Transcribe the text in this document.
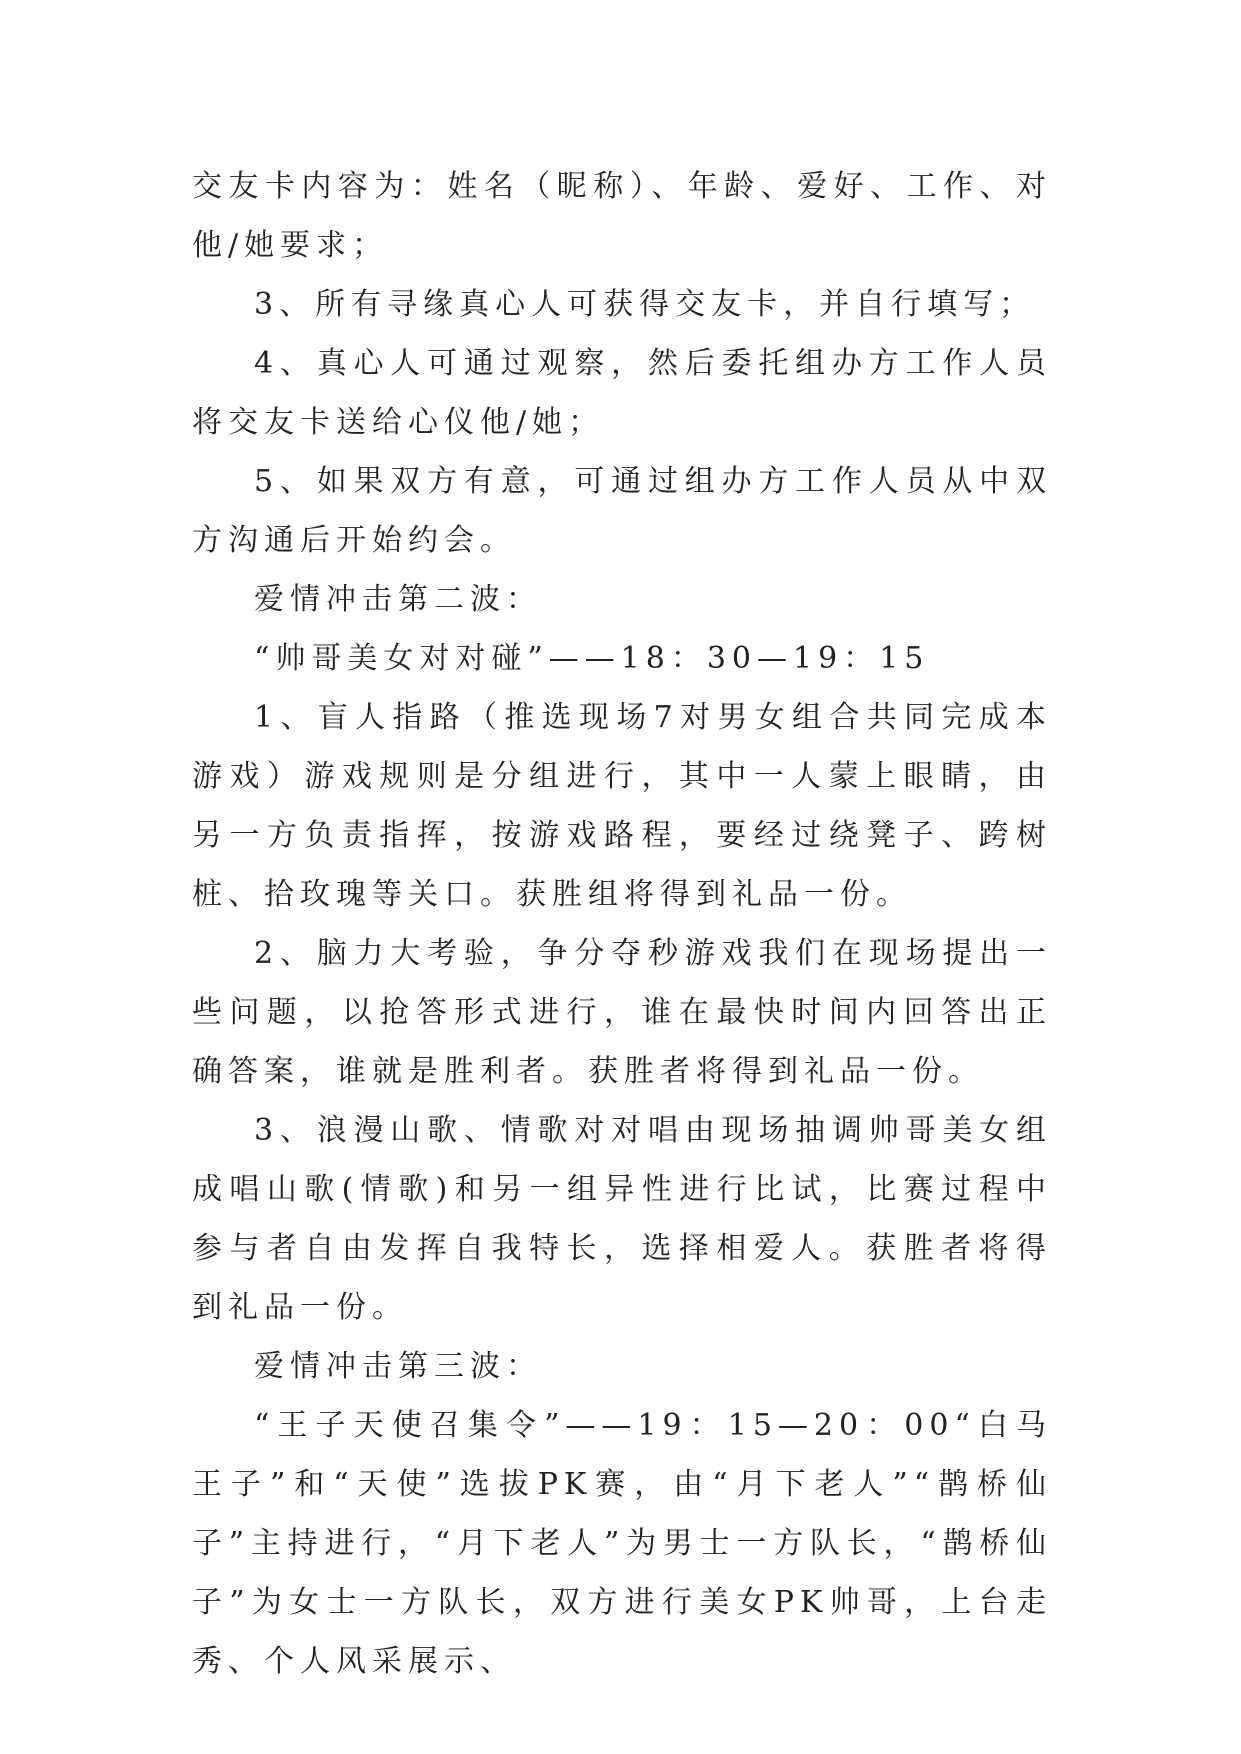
交友卡内容为：姓名（昵称）、年龄、爱好、工作、对他/她要求；

3、所有寻缘真心人可获得交友卡，并自行填写；

4、真心人可通过观察，然后委托组办方工作人员将交友卡送给心仪他/她；

5、如果双方有意，可通过组办方工作人员从中双方沟通后开始约会。

爱情冲击第二波：

“帅哥美女对对碰”——18：30—19：15

1、盲人指路（推选现场7对男女组合共同完成本游戏）游戏规则是分组进行，其中一人蒙上眼睛，由另一方负责指挥，按游戏路程，要经过绕凳子、跨树桩、拾玫瑰等关口。获胜组将得到礼品一份。

2、脑力大考验，争分夺秒游戏我们在现场提出一些问题，以抢答形式进行，谁在最快时间内回答出正确答案，谁就是胜利者。获胜者将得到礼品一份。

3、浪漫山歌、情歌对对唱由现场抽调帅哥美女组成唱山歌(情歌)和另一组异性进行比试，比赛过程中参与者自由发挥自我特长，选择相爱人。获胜者将得到礼品一份。

爱情冲击第三波：

“王子天使召集令”——19：15—20：00“白马王子”和“天使”选拔PK赛，由“月下老人”“鹊桥仙子”主持进行，“月下老人”为男士一方队长，“鹊桥仙子”为女士一方队长，双方进行美女PK帅哥，上台走秀、个人风采展示、
